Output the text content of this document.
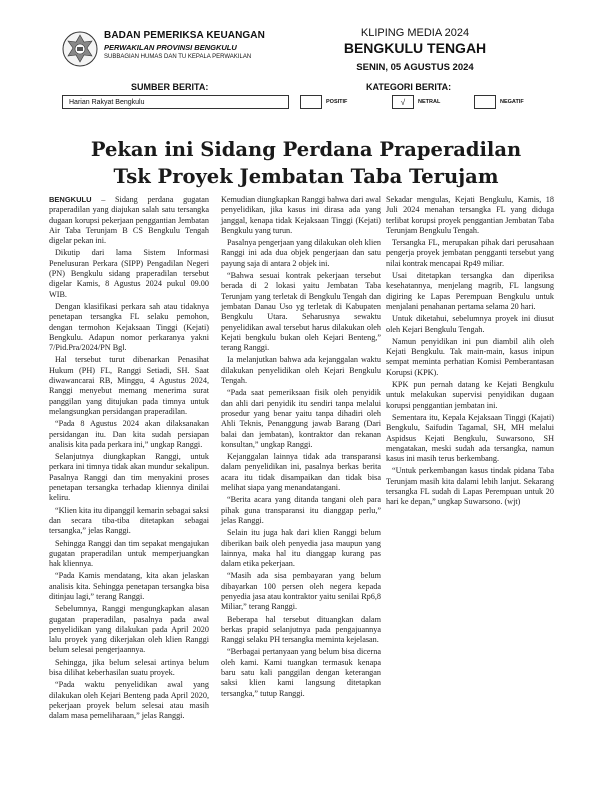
BADAN PEMERIKSA KEUANGAN
PERWAKILAN PROVINSI BENGKULU
SUBBAGIAN HUMAS DAN TU KEPALA PERWAKILAN
KLIPING MEDIA 2024
BENGKULU TENGAH
SENIN, 05 AGUSTUS 2024
SUMBER BERITA:	KATEGORI BERITA:
Harian Rakyat Bengkulu	POSITIF	√	NETRAL	NEGATIF
Pekan ini Sidang Perdana Praperadilan
Tsk Proyek Jembatan Taba Terujam

BENGKULU – Sidang perdana gugatan praperadilan yang diajukan salah satu tersangka dugaan korupsi pekerjaan penggantian Jembatan Air Taba Terunjam B CS Bengkulu Tengah digelar pekan ini.

Dikutip dari lama Sistem Informasi Penelusuran Perkara (SIPP) Pengadilan Negeri (PN) Bengkulu sidang praperadilan tersebut digelar Kamis, 8 Agustus 2024 pukul 09.00 WIB.

Dengan klasifikasi perkara sah atau tidaknya penetapan tersangka FL selaku pemohon, dengan termohon Kejaksaan Tinggi (Kejati) Bengkulu. Adapun nomor perkaranya yakni 7/Pid.Pra/2024/PN Bgl.

Hal tersebut turut dibenarkan Penasihat Hukum (PH) FL, Ranggi Setiadi, SH. Saat diwawancarai RB, Minggu, 4 Agustus 2024, Ranggi menyebut memang menerima surat panggilan yang ditujukan pada timnya untuk melangsungkan persidangan praperadilan.

“Pada 8 Agustus 2024 akan dilaksanakan persidangan itu. Dan kita sudah persiapan analisis kita pada perkara ini,” ungkap Ranggi.

Selanjutnya diungkapkan Ranggi, untuk perkara ini timnya tidak akan mundur sekalipun. Pasalnya Ranggi dan tim menyakini proses penetapan tersangka terhadap kliennya dinilai keliru.

“Klien kita itu dipanggil kemarin sebagai saksi dan secara tiba-tiba ditetapkan sebagai tersangka,” jelas Ranggi.

Sehingga Ranggi dan tim sepakat mengajukan gugatan praperadilan untuk memperjuangkan hak kliennya.

“Pada Kamis mendatang, kita akan jelaskan analisis kita. Sehingga penetapan tersangka bisa ditinjau lagi,” terang Ranggi.

Sebelumnya, Ranggi mengungkapkan alasan gugatan praperadilan, pasalnya pada awal penyelidikan yang dilakukan pada April 2020 lalu proyek yang dikerjakan oleh klien Ranggi belum selesai pengerjaannya.

Sehingga, jika belum selesai artinya belum bisa dilihat keberhasilan suatu proyek.

“Pada waktu penyelidikan awal yang dilakukan oleh Kejari Benteng pada April 2020, pekerjaan proyek belum selesai atau masih dalam masa pemeliharaan,” jelas Ranggi.

Kemudian diungkapkan Ranggi bahwa dari awal penyelidikan, jika kasus ini dirasa ada yang janggal, kenapa tidak Kejaksaan Tinggi (Kejati) Bengkulu yang turun.

Pasalnya pengerjaan yang dilakukan oleh klien Ranggi ini ada dua objek pengerjaan dan satu payung saja di antara 2 objek ini.

“Bahwa sesuai kontrak pekerjaan tersebut berada di 2 lokasi yaitu Jembatan Taba Terunjam yang terletak di Bengkulu Tengah dan jembatan Danau Uso yg terletak di Kabupaten Bengkulu Utara. Seharusnya sewaktu penyelidikan awal tersebut harus dilakukan oleh Kejati bengkulu bukan oleh Kejari Benteng,” terang Ranggi.

Ia melanjutkan bahwa ada kejanggalan waktu dilakukan penyelidikan oleh Kejari Bengkulu Tengah.

“Pada saat pemeriksaan fisik oleh penyidik dan ahli dari penyidik itu sendiri tanpa melalui prosedur yang benar yaitu tanpa dihadiri oleh Ahli Teknis, Penanggung jawab Barang (Dari balai dan jembatan), kontraktor dan rekanan konsultan,” ungkap Ranggi.

Kejanggalan lainnya tidak ada transparansi dalam penyelidikan ini, pasalnya berkas berita acara itu tidak disampaikan dan tidak bisa melihat siapa yang menandatangani.

“Berita acara yang ditanda tangani oleh para pihak guna transparansi itu dianggap perlu,” jelas Ranggi.

Selain itu juga hak dari klien Ranggi belum diberikan baik oleh penyedia jasa maupun yang lainnya, maka hal itu dianggap kurang pas dalam etika pekerjaan.

“Masih ada sisa pembayaran yang belum dibayarkan 100 persen oleh negera kepada penyedia jasa atau kontraktor yaitu senilai Rp6,8 Miliar,” terang Ranggi.

Beberapa hal tersebut dituangkan dalam berkas prapid selanjutnya pada pengajuannya Ranggi selaku PH tersangka meminta kejelasan.

“Berbagai pertanyaan yang belum bisa dicerna oleh kami. Kami tuangkan termasuk kenapa baru satu kali panggilan dengan keterangan saksi klien kami langsung ditetapkan tersangka,” tutup Ranggi.

Sekadar mengulas, Kejati Bengkulu, Kamis, 18 Juli 2024 menahan tersangka FL yang diduga terlibat korupsi proyek penggantian Jembatan Taba Terunjam Bengkulu Tengah.

Tersangka FL, merupakan pihak dari perusahaan pengerja proyek jembatan pengganti tersebut yang nilai kontrak mencapai Rp49 miliar.

Usai ditetapkan tersangka dan diperiksa kesehatannya, menjelang magrib, FL langsung digiring ke Lapas Perempuan Bengkulu untuk menjalani penahanan pertama selama 20 hari.

Untuk diketahui, sebelumnya proyek ini diusut oleh Kejari Bengkulu Tengah.

Namun penyidikan ini pun diambil alih oleh Kejati Bengkulu. Tak main-main, kasus inipun sempat meminta perhatian Komisi Pemberantasan Korupsi (KPK).

KPK pun pernah datang ke Kejati Bengkulu untuk melakukan supervisi penyidikan dugaan korupsi penggantian jembatan ini.

Sementara itu, Kepala Kejaksaan Tinggi (Kajati) Bengkulu, Saifudin Tagamal, SH, MH melalui Aspidsus Kejati Bengkulu, Suwarsono, SH mengatakan, meski sudah ada tersangka, namun kasus ini masih terus berkembang.

“Untuk perkembangan kasus tindak pidana Taba Terunjam masih kita dalami lebih lanjut. Sekarang tersangka FL sudah di Lapas Perempuan untuk 20 hari ke depan,” ungkap Suwarsono. (wjt)
